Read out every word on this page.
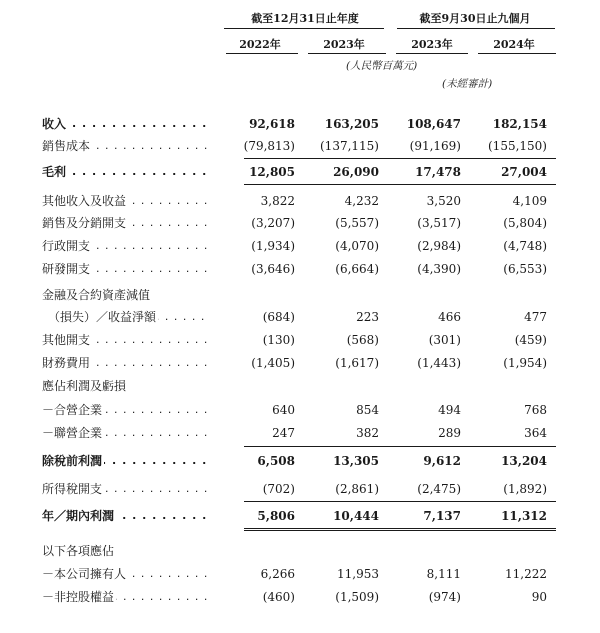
截至12月31日止年度	截至9月30日止九個月
2022年	2023年	2023年	2024年
(人民幣百萬元)
(未經審計)
收入 . . .	92,618	163,205	108,647	182,154
銷售成本 . . .	(79,813)	(137,115)	(91,169)	(155,150)
毛利 . . .	12,805	26,090	17,478	27,004
其他收入及收益 . . .	3,822	4,232	3,520	4,109
銷售及分銷開支 . . .	(3,207)	(5,557)	(3,517)	(5,804)
行政開支 . . .	(1,934)	(4,070)	(2,984)	(4,748)
研發開支 . . .	(3,646)	(6,664)	(4,390)	(6,553)
金融及合約資產減值
（損失）／收益淨額 . . .	(684)	223	466	477
其他開支 . . .	(130)	(568)	(301)	(459)
財務費用 . . .	(1,405)	(1,617)	(1,443)	(1,954)
應佔利潤及虧損
－合營企業 . . .	640	854	494	768
－聯營企業 . . .	247	382	289	364
除稅前利潤 . . .	6,508	13,305	9,612	13,204
所得稅開支 . . .	(702)	(2,861)	(2,475)	(1,892)
年／期內利潤 . . .	5,806	10,444	7,137	11,312
以下各項應佔
－本公司擁有人 . . .	6,266	11,953	8,111	11,222
－非控股權益 . . .	(460)	(1,509)	(974)	90
